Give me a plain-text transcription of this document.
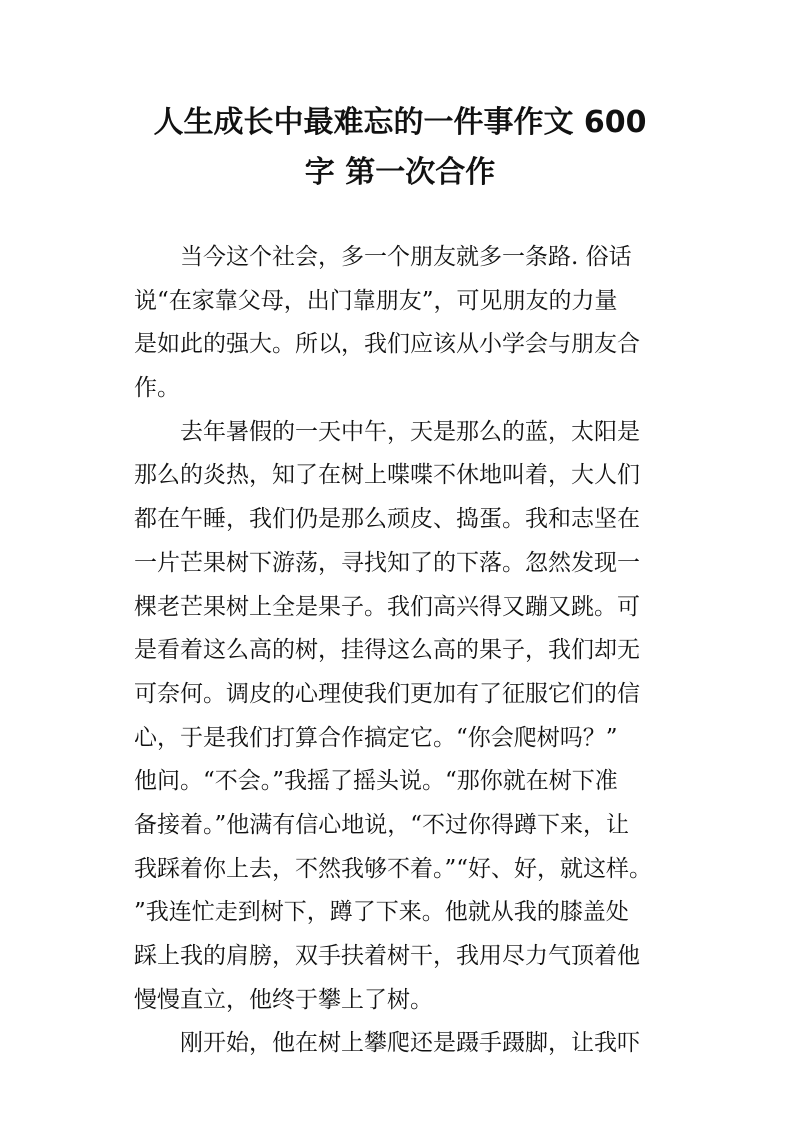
人生成长中最难忘的一件事作文 600
字 第一次合作
当今这个社会，多一个朋友就多一条路. 俗话
说“在家靠父母，出门靠朋友”，可见朋友的力量
是如此的强大。所以，我们应该从小学会与朋友合
作。
去年暑假的一天中午，天是那么的蓝，太阳是
那么的炎热，知了在树上喋喋不休地叫着，大人们
都在午睡，我们仍是那么顽皮、捣蛋。我和志坚在
一片芒果树下游荡，寻找知了的下落。忽然发现一
棵老芒果树上全是果子。我们高兴得又蹦又跳。可
是看着这么高的树，挂得这么高的果子，我们却无
可奈何。调皮的心理使我们更加有了征服它们的信
心，于是我们打算合作搞定它。“你会爬树吗？”
他问。“不会。”我摇了摇头说。“那你就在树下准
备接着。”他满有信心地说，“不过你得蹲下来，让
我踩着你上去，不然我够不着。”“好、好，就这样。
”我连忙走到树下，蹲了下来。他就从我的膝盖处
踩上我的肩膀，双手扶着树干，我用尽力气顶着他
慢慢直立，他终于攀上了树。
刚开始，他在树上攀爬还是蹑手蹑脚，让我吓
